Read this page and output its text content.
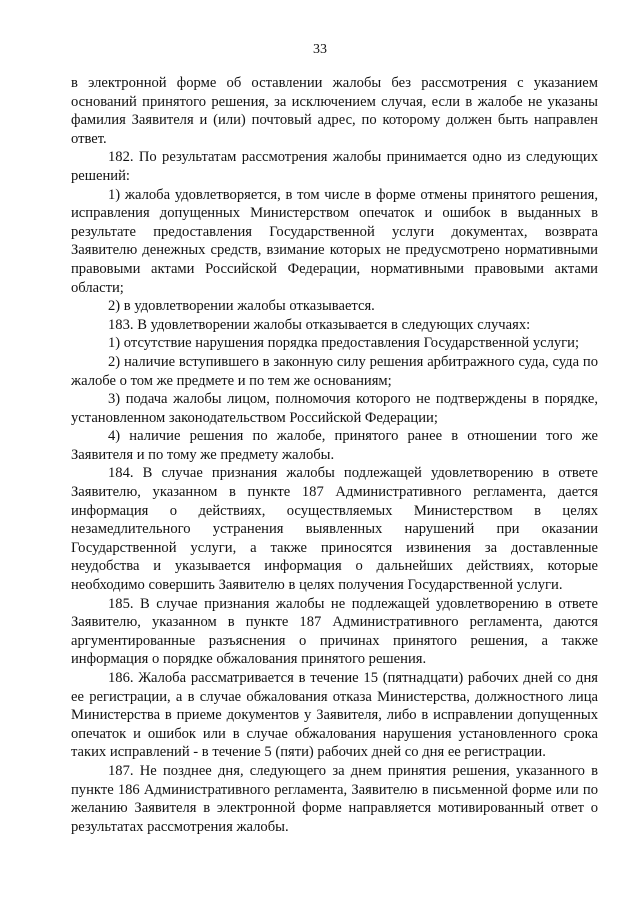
33

в электронной форме об оставлении жалобы без рассмотрения с указанием оснований принятого решения, за исключением случая, если в жалобе не указаны фамилия Заявителя и (или) почтовый адрес, по которому должен быть направлен ответ.

182. По результатам рассмотрения жалобы принимается одно из следующих решений:

1) жалоба удовлетворяется, в том числе в форме отмены принятого решения, исправления допущенных Министерством опечаток и ошибок в выданных в результате предоставления Государственной услуги документах, возврата Заявителю денежных средств, взимание которых не предусмотрено нормативными правовыми актами Российской Федерации, нормативными правовыми актами области;

2) в удовлетворении жалобы отказывается.

183. В удовлетворении жалобы отказывается в следующих случаях:

1) отсутствие нарушения порядка предоставления Государственной услуги;

2) наличие вступившего в законную силу решения арбитражного суда, суда по жалобе о том же предмете и по тем же основаниям;

3) подача жалобы лицом, полномочия которого не подтверждены в порядке, установленном законодательством Российской Федерации;

4) наличие решения по жалобе, принятого ранее в отношении того же Заявителя и по тому же предмету жалобы.

184. В случае признания жалобы подлежащей удовлетворению в ответе Заявителю, указанном в пункте 187 Административного регламента, дается информация о действиях, осуществляемых Министерством в целях незамедлительного устранения выявленных нарушений при оказании Государственной услуги, а также приносятся извинения за доставленные неудобства и указывается информация о дальнейших действиях, которые необходимо совершить Заявителю в целях получения Государственной услуги.

185. В случае признания жалобы не подлежащей удовлетворению в ответе Заявителю, указанном в пункте 187 Административного регламента, даются аргументированные разъяснения о причинах принятого решения, а также информация о порядке обжалования принятого решения.

186. Жалоба рассматривается в течение 15 (пятнадцати) рабочих дней со дня ее регистрации, а в случае обжалования отказа Министерства, должностного лица Министерства в приеме документов у Заявителя, либо в исправлении допущенных опечаток и ошибок или в случае обжалования нарушения установленного срока таких исправлений - в течение 5 (пяти) рабочих дней со дня ее регистрации.

187. Не позднее дня, следующего за днем принятия решения, указанного в пункте 186 Административного регламента, Заявителю в письменной форме или по желанию Заявителя в электронной форме направляется мотивированный ответ о результатах рассмотрения жалобы.
